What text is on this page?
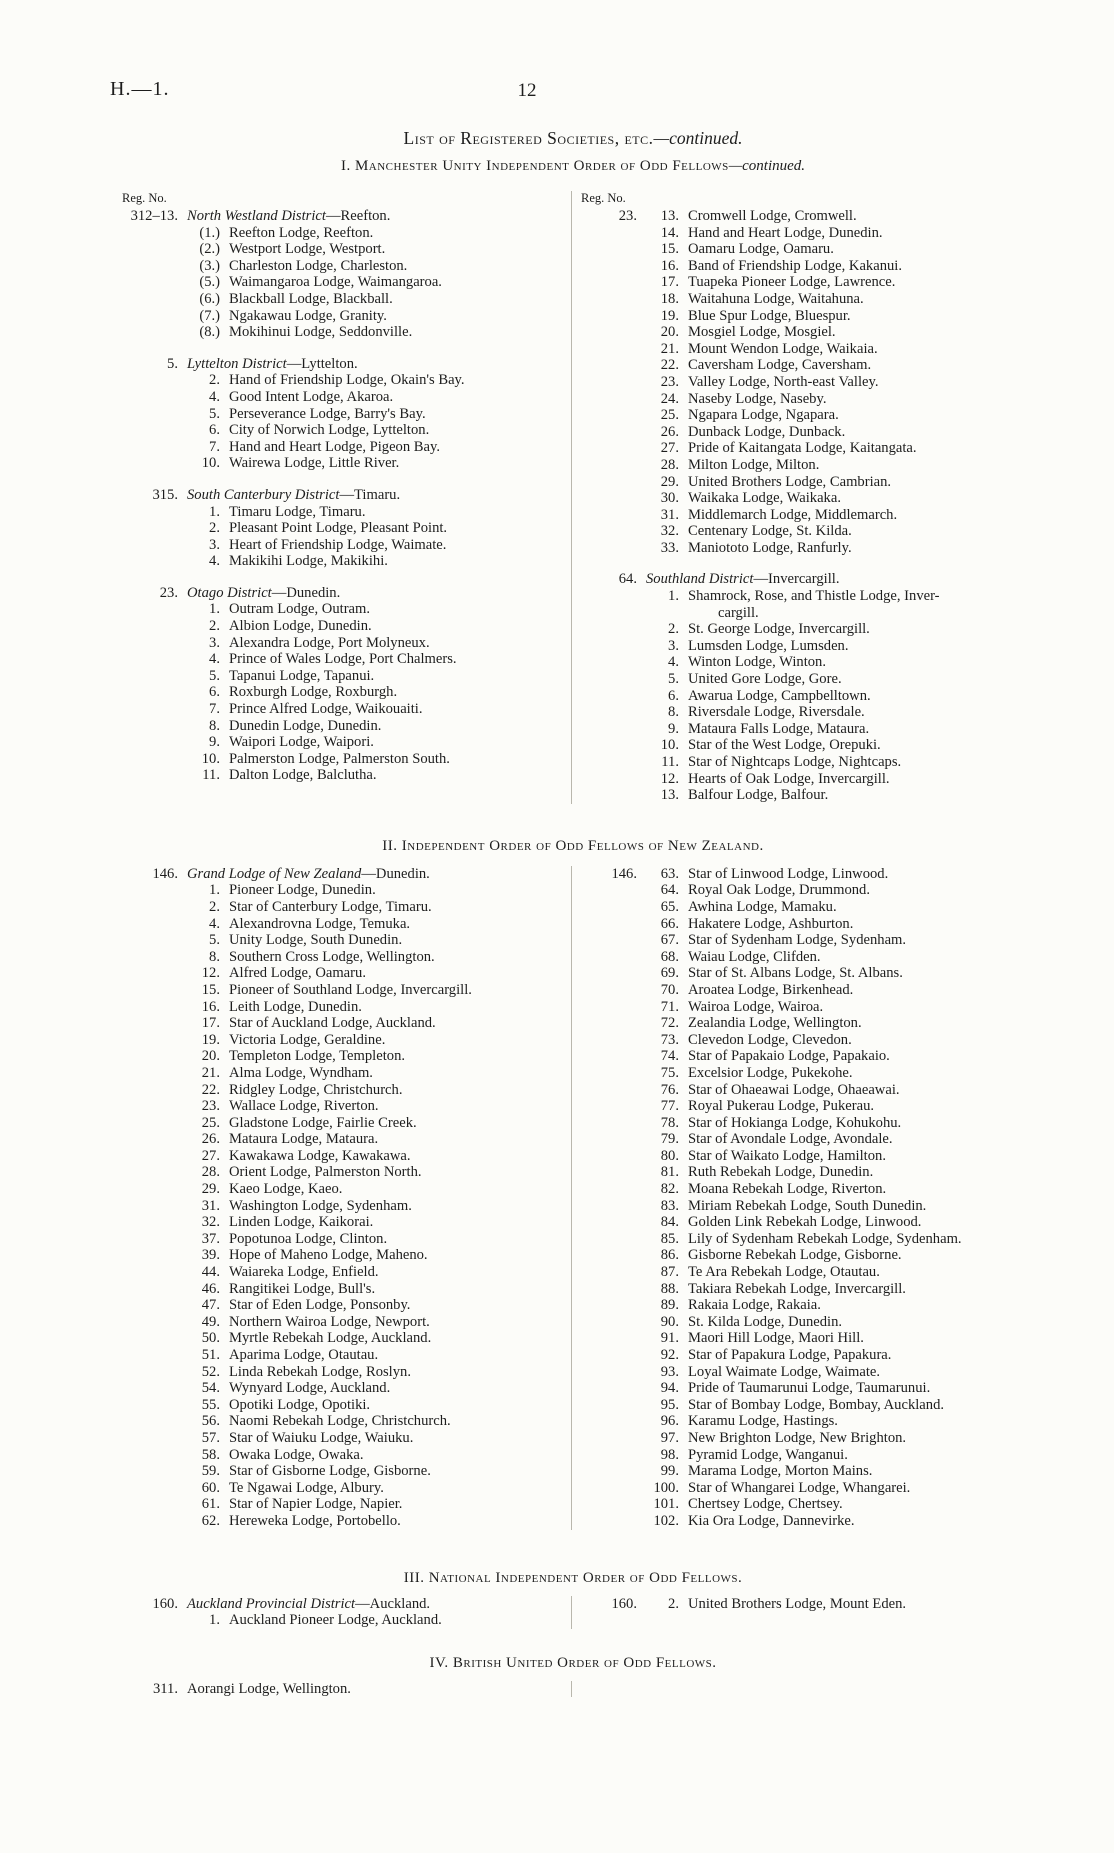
H.—1.	12
List of Registered Societies, etc.—continued.
I. Manchester Unity Independent Order of Odd Fellows—continued.
Reg. No.
312–13. North Westland District—Reefton.
(1.) Reefton Lodge, Reefton.
(2.) Westport Lodge, Westport.
(3.) Charleston Lodge, Charleston.
(5.) Waimangaroa Lodge, Waimangaroa.
(6.) Blackball Lodge, Blackball.
(7.) Ngakawau Lodge, Granity.
(8.) Mokihinui Lodge, Seddonville.
5. Lyttelton District—Lyttelton.
2. Hand of Friendship Lodge, Okain's Bay.
4. Good Intent Lodge, Akaroa.
5. Perseverance Lodge, Barry's Bay.
6. City of Norwich Lodge, Lyttelton.
7. Hand and Heart Lodge, Pigeon Bay.
10. Wairewa Lodge, Little River.
315. South Canterbury District—Timaru.
1. Timaru Lodge, Timaru.
2. Pleasant Point Lodge, Pleasant Point.
3. Heart of Friendship Lodge, Waimate.
4. Makikihi Lodge, Makikihi.
23. Otago District—Dunedin.
1. Outram Lodge, Outram.
2. Albion Lodge, Dunedin.
3. Alexandra Lodge, Port Molyneux.
4. Prince of Wales Lodge, Port Chalmers.
5. Tapanui Lodge, Tapanui.
6. Roxburgh Lodge, Roxburgh.
7. Prince Alfred Lodge, Waikouaiti.
8. Dunedin Lodge, Dunedin.
9. Waipori Lodge, Waipori.
10. Palmerston Lodge, Palmerston South.
11. Dalton Lodge, Balclutha.
Reg. No.
23.	13. Cromwell Lodge, Cromwell.
14. Hand and Heart Lodge, Dunedin.
15. Oamaru Lodge, Oamaru.
16. Band of Friendship Lodge, Kakanui.
17. Tuapeka Pioneer Lodge, Lawrence.
18. Waitahuna Lodge, Waitahuna.
19. Blue Spur Lodge, Bluespur.
20. Mosgiel Lodge, Mosgiel.
21. Mount Wendon Lodge, Waikaia.
22. Caversham Lodge, Caversham.
23. Valley Lodge, North-east Valley.
24. Naseby Lodge, Naseby.
25. Ngapara Lodge, Ngapara.
26. Dunback Lodge, Dunback.
27. Pride of Kaitangata Lodge, Kaitangata.
28. Milton Lodge, Milton.
29. United Brothers Lodge, Cambrian.
30. Waikaka Lodge, Waikaka.
31. Middlemarch Lodge, Middlemarch.
32. Centenary Lodge, St. Kilda.
33. Maniototo Lodge, Ranfurly.
64. Southland District—Invercargill.
1. Shamrock, Rose, and Thistle Lodge, Inver-
cargill.
2. St. George Lodge, Invercargill.
3. Lumsden Lodge, Lumsden.
4. Winton Lodge, Winton.
5. United Gore Lodge, Gore.
6. Awarua Lodge, Campbelltown.
8. Riversdale Lodge, Riversdale.
9. Mataura Falls Lodge, Mataura.
10. Star of the West Lodge, Orepuki.
11. Star of Nightcaps Lodge, Nightcaps.
12. Hearts of Oak Lodge, Invercargill.
13. Balfour Lodge, Balfour.
II. Independent Order of Odd Fellows of New Zealand.
146. Grand Lodge of New Zealand—Dunedin.
1. Pioneer Lodge, Dunedin.
2. Star of Canterbury Lodge, Timaru.
4. Alexandrovna Lodge, Temuka.
5. Unity Lodge, South Dunedin.
8. Southern Cross Lodge, Wellington.
12. Alfred Lodge, Oamaru.
15. Pioneer of Southland Lodge, Invercargill.
16. Leith Lodge, Dunedin.
17. Star of Auckland Lodge, Auckland.
19. Victoria Lodge, Geraldine.
20. Templeton Lodge, Templeton.
21. Alma Lodge, Wyndham.
22. Ridgley Lodge, Christchurch.
23. Wallace Lodge, Riverton.
25. Gladstone Lodge, Fairlie Creek.
26. Mataura Lodge, Mataura.
27. Kawakawa Lodge, Kawakawa.
28. Orient Lodge, Palmerston North.
29. Kaeo Lodge, Kaeo.
31. Washington Lodge, Sydenham.
32. Linden Lodge, Kaikorai.
37. Popotunoa Lodge, Clinton.
39. Hope of Maheno Lodge, Maheno.
44. Waiareka Lodge, Enfield.
46. Rangitikei Lodge, Bull's.
47. Star of Eden Lodge, Ponsonby.
49. Northern Wairoa Lodge, Newport.
50. Myrtle Rebekah Lodge, Auckland.
51. Aparima Lodge, Otautau.
52. Linda Rebekah Lodge, Roslyn.
54. Wynyard Lodge, Auckland.
55. Opotiki Lodge, Opotiki.
56. Naomi Rebekah Lodge, Christchurch.
57. Star of Waiuku Lodge, Waiuku.
58. Owaka Lodge, Owaka.
59. Star of Gisborne Lodge, Gisborne.
60. Te Ngawai Lodge, Albury.
61. Star of Napier Lodge, Napier.
62. Hereweka Lodge, Portobello.
146.	63. Star of Linwood Lodge, Linwood.
64. Royal Oak Lodge, Drummond.
65. Awhina Lodge, Mamaku.
66. Hakatere Lodge, Ashburton.
67. Star of Sydenham Lodge, Sydenham.
68. Waiau Lodge, Clifden.
69. Star of St. Albans Lodge, St. Albans.
70. Aroatea Lodge, Birkenhead.
71. Wairoa Lodge, Wairoa.
72. Zealandia Lodge, Wellington.
73. Clevedon Lodge, Clevedon.
74. Star of Papakaio Lodge, Papakaio.
75. Excelsior Lodge, Pukekohe.
76. Star of Ohaeawai Lodge, Ohaeawai.
77. Royal Pukerau Lodge, Pukerau.
78. Star of Hokianga Lodge, Kohukohu.
79. Star of Avondale Lodge, Avondale.
80. Star of Waikato Lodge, Hamilton.
81. Ruth Rebekah Lodge, Dunedin.
82. Moana Rebekah Lodge, Riverton.
83. Miriam Rebekah Lodge, South Dunedin.
84. Golden Link Rebekah Lodge, Linwood.
85. Lily of Sydenham Rebekah Lodge, Sydenham.
86. Gisborne Rebekah Lodge, Gisborne.
87. Te Ara Rebekah Lodge, Otautau.
88. Takiara Rebekah Lodge, Invercargill.
89. Rakaia Lodge, Rakaia.
90. St. Kilda Lodge, Dunedin.
91. Maori Hill Lodge, Maori Hill.
92. Star of Papakura Lodge, Papakura.
93. Loyal Waimate Lodge, Waimate.
94. Pride of Taumarunui Lodge, Taumarunui.
95. Star of Bombay Lodge, Bombay, Auckland.
96. Karamu Lodge, Hastings.
97. New Brighton Lodge, New Brighton.
98. Pyramid Lodge, Wanganui.
99. Marama Lodge, Morton Mains.
100. Star of Whangarei Lodge, Whangarei.
101. Chertsey Lodge, Chertsey.
102. Kia Ora Lodge, Dannevirke.
III. National Independent Order of Odd Fellows.
160. Auckland Provincial District—Auckland.
1. Auckland Pioneer Lodge, Auckland.
160.	2. United Brothers Lodge, Mount Eden.
IV. British United Order of Odd Fellows.
311. Aorangi Lodge, Wellington.
